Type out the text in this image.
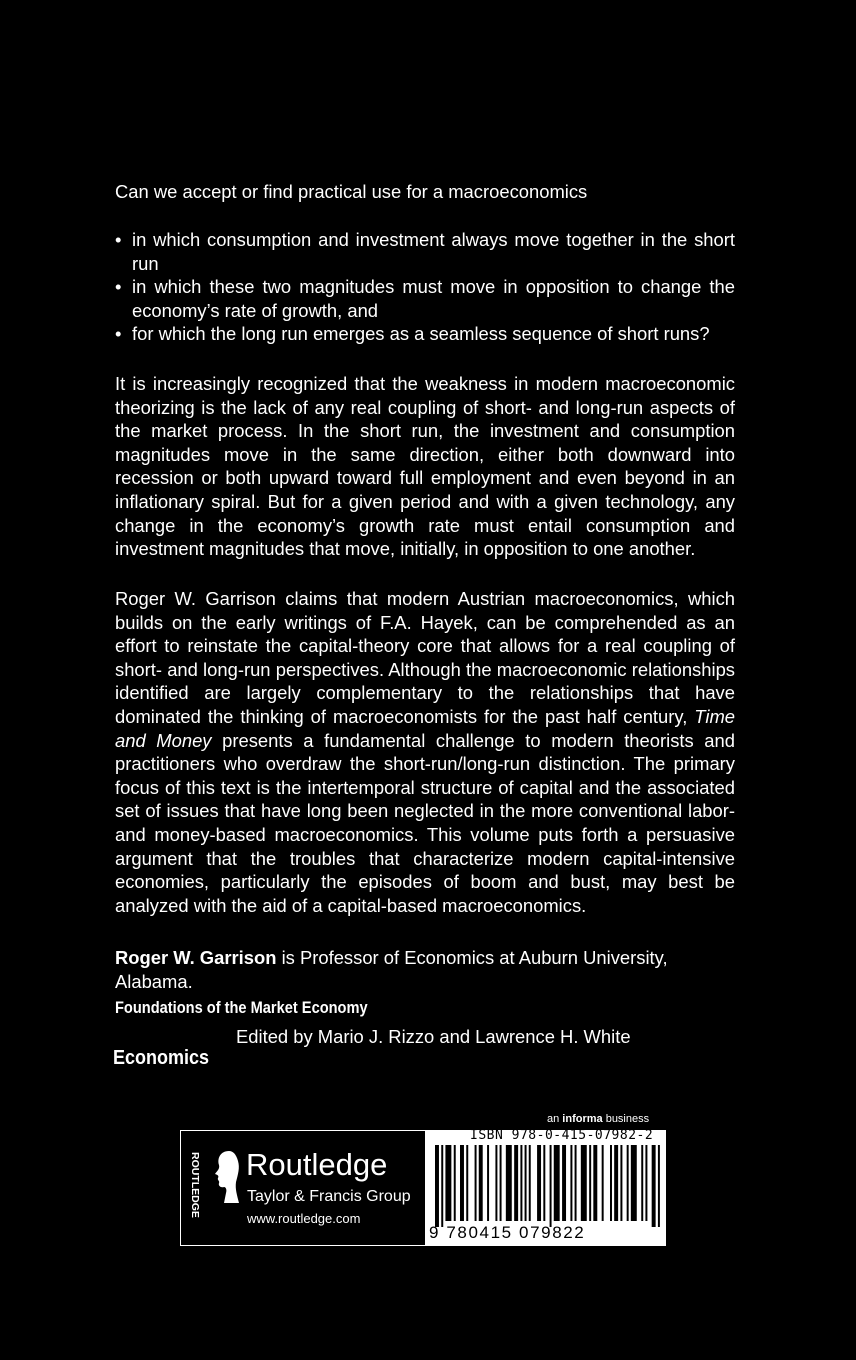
Can we accept or find practical use for a macroeconomics
• in which consumption and investment always move together in the short run
• in which these two magnitudes must move in opposition to change the economy’s rate of growth, and
• for which the long run emerges as a seamless sequence of short runs?
It is increasingly recognized that the weakness in modern macroeconomic theorizing is the lack of any real coupling of short- and long-run aspects of the market process. In the short run, the investment and consumption magnitudes move in the same direction, either both downward into recession or both upward toward full employment and even beyond in an inflationary spiral. But for a given period and with a given technology, any change in the economy’s growth rate must entail consumption and investment magnitudes that move, initially, in opposition to one another.
Roger W. Garrison claims that modern Austrian macroeconomics, which builds on the early writings of F.A. Hayek, can be comprehended as an effort to reinstate the capital-theory core that allows for a real coupling of short- and long-run perspectives. Although the macroeconomic relationships identified are largely complementary to the relationships that have dominated the thinking of macroeconomists for the past half century, Time and Money presents a fundamental challenge to modern theorists and practitioners who overdraw the short-run/long-run distinction. The primary focus of this text is the intertemporal structure of capital and the associated set of issues that have long been neglected in the more conventional labor- and money-based macroeconomics. This volume puts forth a persuasive argument that the troubles that characterize modern capital-intensive economies, particularly the episodes of boom and bust, may best be analyzed with the aid of a capital-based macroeconomics.
Roger W. Garrison is Professor of Economics at Auburn University, Alabama.
Foundations of the Market Economy
Edited by Mario J. Rizzo and Lawrence H. White
Economics
an informa business
ROUTLEDGE Routledge
Taylor & Francis Group
www.routledge.com
ISBN 978-0-415-07982-2
9 780415 079822
